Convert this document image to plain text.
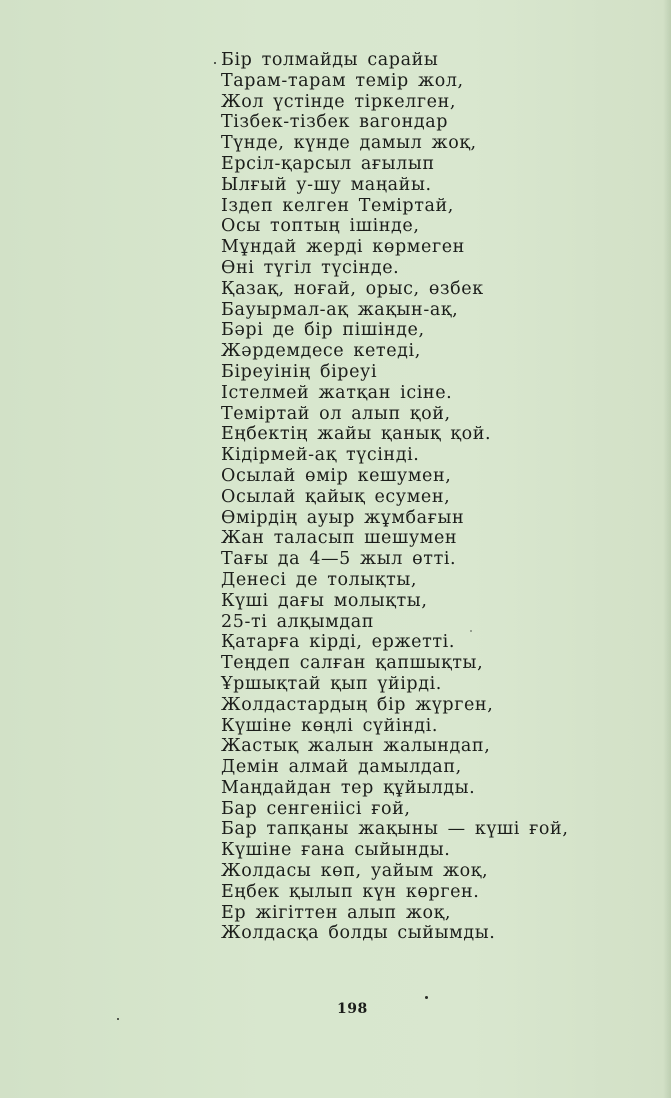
Бір толмайды сарайы
Тарам-тарам темір жол,
Жол үстінде тіркелген,
Тізбек-тізбек вагондар
Түнде, күнде дамыл жоқ,
Ерсіл-қарсыл ағылып
Ылғый у-шу маңайы.
Іздеп келген Теміртай,
Осы топтың ішінде,
Мұндай жерді көрмеген
Өні түгіл түсінде.
Қазақ, ноғай, орыс, өзбек
Бауырмал-ақ жақын-ақ,
Бәрі де бір пішінде,
Жәрдемдесе кетеді,
Біреуінің біреуі
Істелмей жатқан ісіне.
Теміртай ол алып қой,
Еңбектің жайы қанық қой.
Кідірмей-ақ түсінді.
Осылай өмір кешумен,
Осылай қайық есумен,
Өмірдің ауыр жұмбағын
Жан таласып шешумен
Тағы да 4—5 жыл өтті.
Денесі де толықты,
Күші дағы молықты,
25-ті алқымдап
Қатарға кірді, ержетті.
Теңдеп салған қапшықты,
Ұршықтай қып үйірді.
Жолдастардың бір жүрген,
Күшіне көңлі сүйінді.
Жастық жалын жалындап,
Демін алмай дамылдап,
Маңдайдан тер құйылды.
Бар сенгеніісі ғой,
Бар тапқаны жақыны — күші ғой,
Күшіне ғана сыйынды.
Жолдасы көп, уайым жоқ,
Еңбек қылып күн көрген.
Ер жігіттен алып жоқ,
Жолдасқа болды сыйымды.
198
